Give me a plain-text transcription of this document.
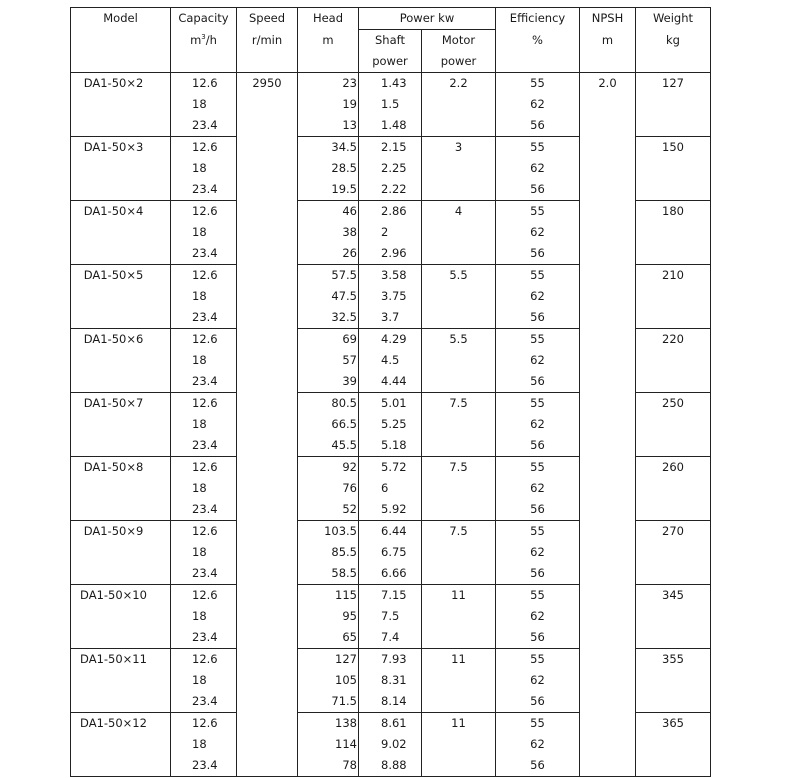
Model	Capacity	Speed	Head	Power kw		Efficiency	NPSH	Weight
	$m^3/h$	r/min	m	Shaft	Motor	%	m	kg
				power	power			
DA1-50×2	12.6	2950	23	1.43	2.2	55	2.0	127
	18		19	1.5		62		
	23.4		13	1.48		56		
DA1-50×3	12.6		34.5	2.15	3	55		150
	18		28.5	2.25		62		
	23.4		19.5	2.22		56		
DA1-50×4	12.6		46	2.86	4	55		180
	18		38	2		62		
	23.4		26	2.96		56		
DA1-50×5	12.6		57.5	3.58	5.5	55		210
	18		47.5	3.75		62		
	23.4		32.5	3.7		56		
DA1-50×6	12.6		69	4.29	5.5	55		220
	18		57	4.5		62		
	23.4		39	4.44		56		
DA1-50×7	12.6		80.5	5.01	7.5	55		250
	18		66.5	5.25		62		
	23.4		45.5	5.18		56		
DA1-50×8	12.6		92	5.72	7.5	55		260
	18		76	6		62		
	23.4		52	5.92		56		
DA1-50×9	12.6		103.5	6.44	7.5	55		270
	18		85.5	6.75		62		
	23.4		58.5	6.66		56		
DA1-50×10	12.6		115	7.15	11	55		345
	18		95	7.5		62		
	23.4		65	7.4		56		
DA1-50×11	12.6		127	7.93	11	55		355
	18		105	8.31		62		
	23.4		71.5	8.14		56		
DA1-50×12	12.6		138	8.61	11	55		365
	18		114	9.02		62		
	23.4		78	8.88		56		
